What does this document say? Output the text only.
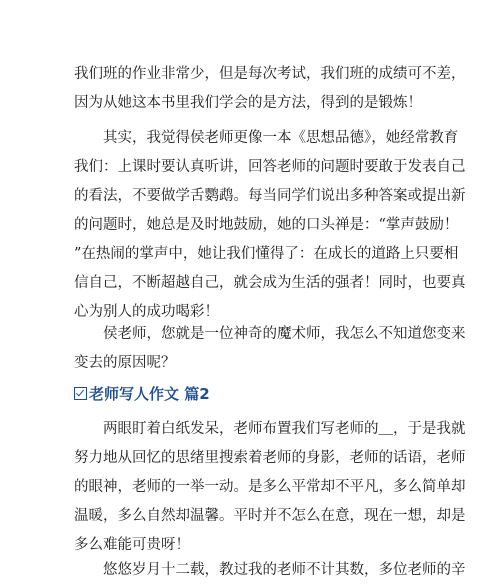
我们班的作业非常少，但是每次考试，我们班的成绩可不差，
因为从她这本书里我们学会的是方法，得到的是锻炼！
其实，我觉得侯老师更像一本《思想品德》，她经常教育
我们：上课时要认真听讲，回答老师的问题时要敢于发表自己
的看法，不要做学舌鹦鹉。每当同学们说出多种答案或提出新
的问题时，她总是及时地鼓励，她的口头禅是：“掌声鼓励！
”在热闹的掌声中，她让我们懂得了：在成长的道路上只要相
信自己，不断超越自己，就会成为生活的强者！同时，也要真
心为别人的成功喝彩！
侯老师，您就是一位神奇的魔术师，我怎么不知道您变来
变去的原因呢？
老师写人作文 篇2
两眼盯着白纸发呆，老师布置我们写老师的＿，于是我就
努力地从回忆的思绪里搜索着老师的身影，老师的话语，老师
的眼神，老师的一举一动。是多么平常却不平凡，多么简单却
温暖，多么自然却温馨。平时并不怎么在意，现在一想，却是
多么难能可贵呀！
悠悠岁月十二载，教过我的老师不计其数，多位老师的辛
